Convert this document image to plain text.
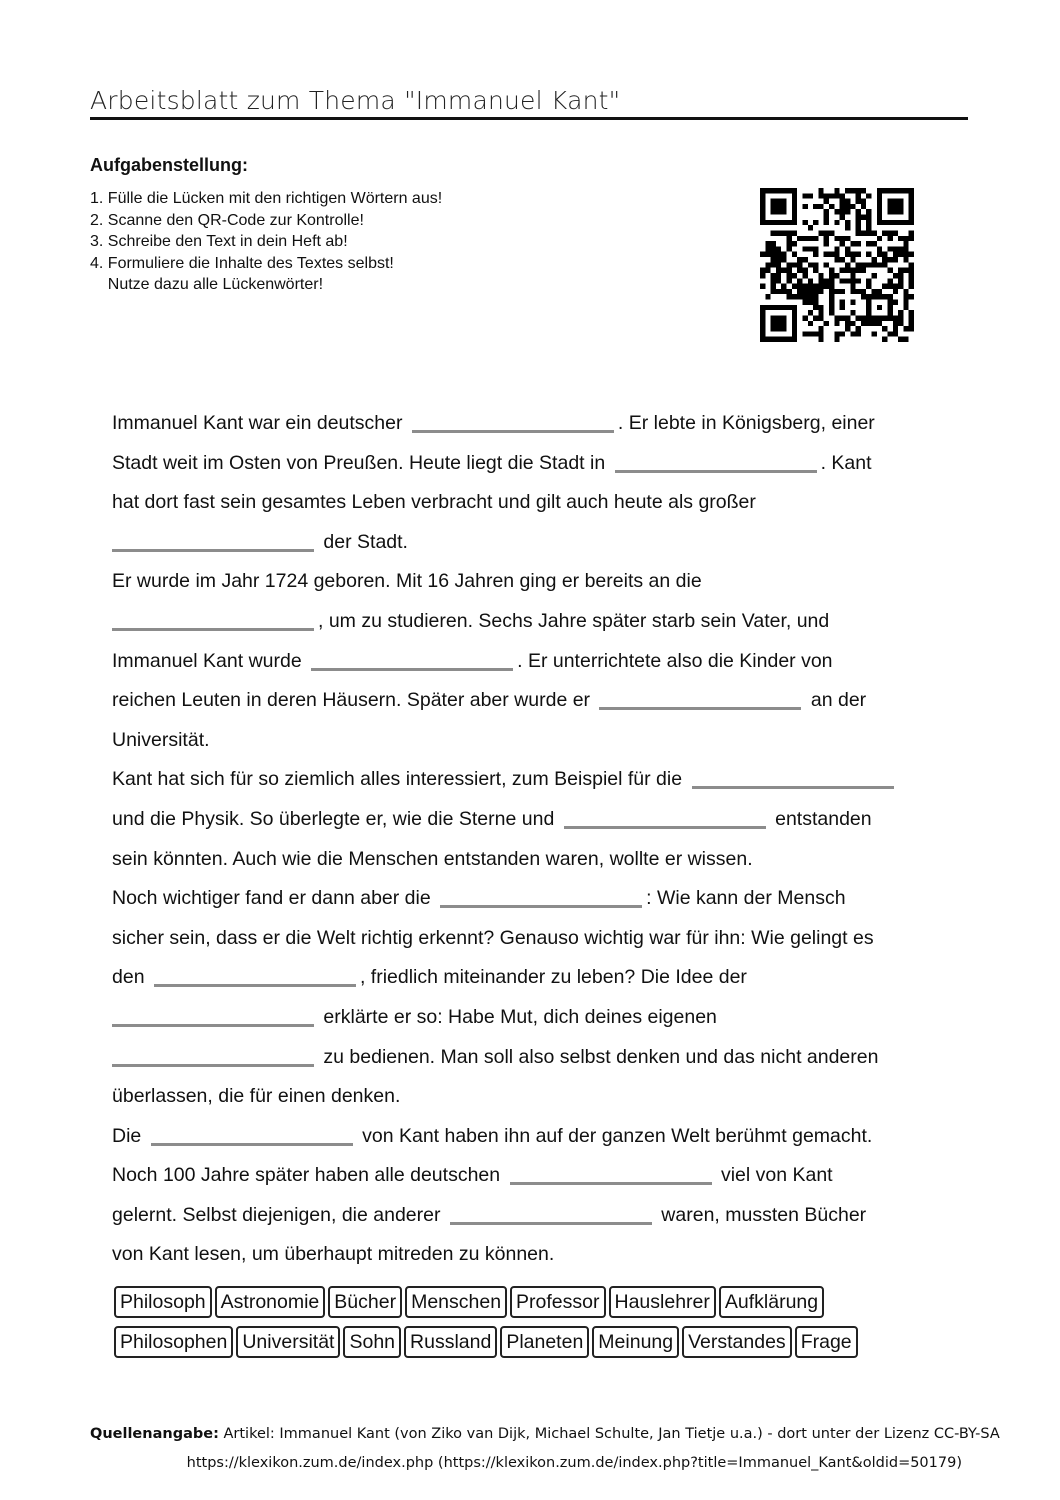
Arbeitsblatt zum Thema "Immanuel Kant"
Aufgabenstellung:
1. Fülle die Lücken mit den richtigen Wörtern aus!
2. Scanne den QR-Code zur Kontrolle!
3. Schreibe den Text in dein Heft ab!
4. Formuliere die Inhalte des Textes selbst!
Nutze dazu alle Lückenwörter!
Immanuel Kant war ein deutscher	. Er lebte in Königsberg, einer
Stadt weit im Osten von Preußen. Heute liegt die Stadt in	. Kant
hat dort fast sein gesamtes Leben verbracht und gilt auch heute als großer
der Stadt.
Er wurde im Jahr 1724 geboren. Mit 16 Jahren ging er bereits an die
, um zu studieren. Sechs Jahre später starb sein Vater, und
Immanuel Kant wurde	. Er unterrichtete also die Kinder von
reichen Leuten in deren Häusern. Später aber wurde er	an der
Universität.
Kant hat sich für so ziemlich alles interessiert, zum Beispiel für die
und die Physik. So überlegte er, wie die Sterne und	entstanden
sein könnten. Auch wie die Menschen entstanden waren, wollte er wissen.
Noch wichtiger fand er dann aber die	: Wie kann der Mensch
sicher sein, dass er die Welt richtig erkennt? Genauso wichtig war für ihn: Wie gelingt es
den	, friedlich miteinander zu leben? Die Idee der
erklärte er so: Habe Mut, dich deines eigenen
zu bedienen. Man soll also selbst denken und das nicht anderen
überlassen, die für einen denken.
Die	von Kant haben ihn auf der ganzen Welt berühmt gemacht.
Noch 100 Jahre später haben alle deutschen	viel von Kant
gelernt. Selbst diejenigen, die anderer	waren, mussten Bücher
von Kant lesen, um überhaupt mitreden zu können.
Philosoph Astronomie Bücher Menschen Professor Hauslehrer Aufklärung
Philosophen Universität Sohn Russland Planeten Meinung Verstandes Frage
Quellenangabe: Artikel: Immanuel Kant (von Ziko van Dijk, Michael Schulte, Jan Tietje u.a.) - dort unter der Lizenz CC-BY-SA
https://klexikon.zum.de/index.php (https://klexikon.zum.de/index.php?title=Immanuel_Kant&oldid=50179)
